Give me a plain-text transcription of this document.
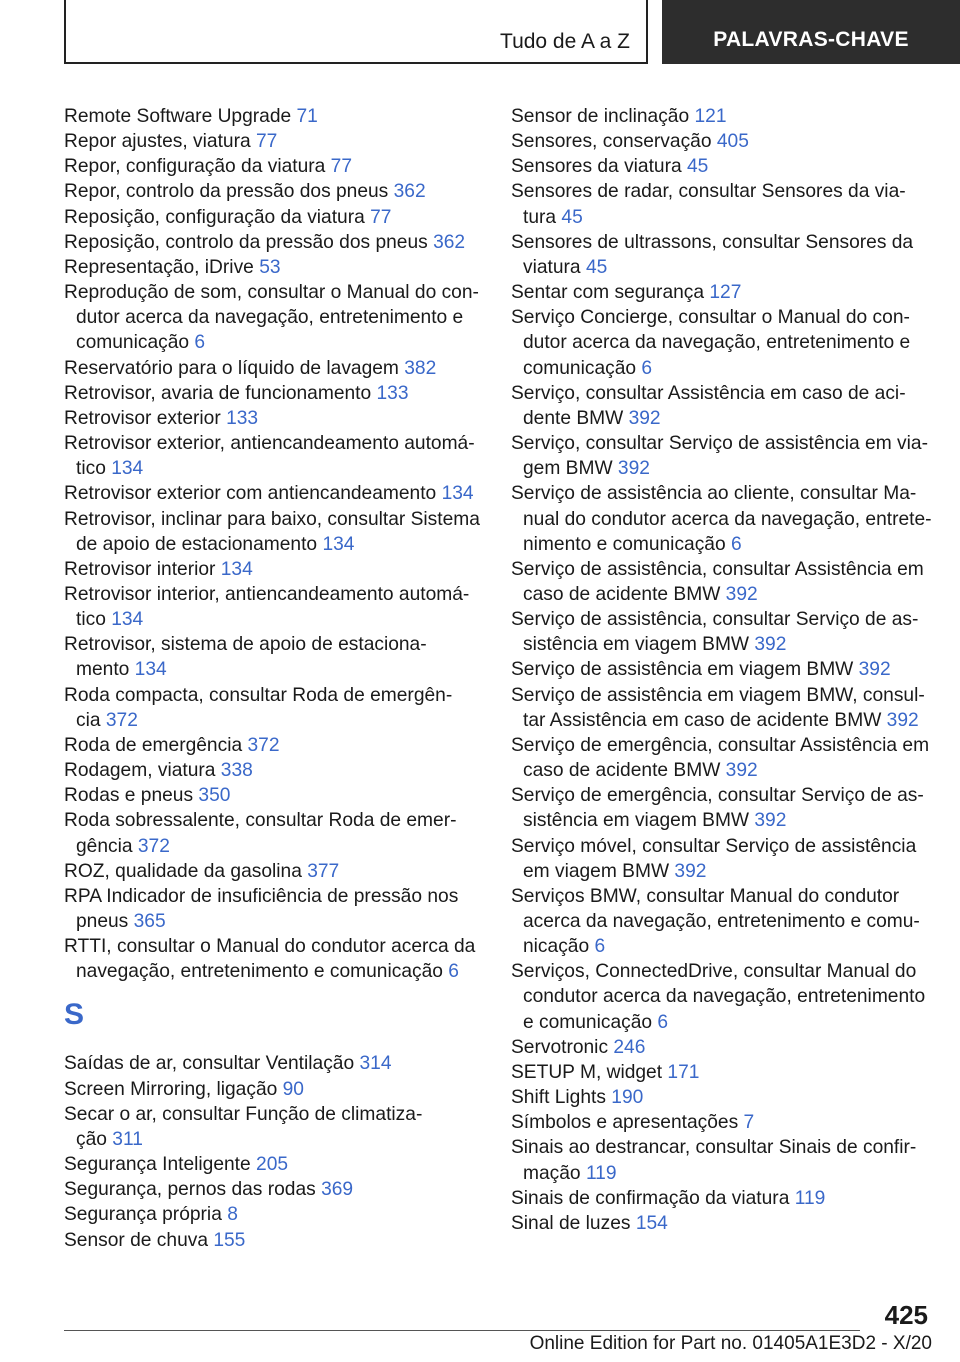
Tudo de A a Z	PALAVRAS-CHAVE
Remote Software Upgrade 71
Repor ajustes, viatura 77
Repor, configuração da viatura 77
Repor, controlo da pressão dos pneus 362
Reposição, configuração da viatura 77
Reposição, controlo da pressão dos pneus 362
Representação, iDrive 53
Reprodução de som, consultar o Manual do con-
dutor acerca da navegação, entretenimento e
comunicação 6
Reservatório para o líquido de lavagem 382
Retrovisor, avaria de funcionamento 133
Retrovisor exterior 133
Retrovisor exterior, antiencandeamento automá-
tico 134
Retrovisor exterior com antiencandeamento 134
Retrovisor, inclinar para baixo, consultar Sistema
de apoio de estacionamento 134
Retrovisor interior 134
Retrovisor interior, antiencandeamento automá-
tico 134
Retrovisor, sistema de apoio de estaciona-
mento 134
Roda compacta, consultar Roda de emergên-
cia 372
Roda de emergência 372
Rodagem, viatura 338
Rodas e pneus 350
Roda sobressalente, consultar Roda de emer-
gência 372
ROZ, qualidade da gasolina 377
RPA Indicador de insuficiência de pressão nos
pneus 365
RTTI, consultar o Manual do condutor acerca da
navegação, entretenimento e comunicação 6
S
Saídas de ar, consultar Ventilação 314
Screen Mirroring, ligação 90
Secar o ar, consultar Função de climatiza-
ção 311
Segurança Inteligente 205
Segurança, pernos das rodas 369
Segurança própria 8
Sensor de chuva 155
Sensor de inclinação 121
Sensores, conservação 405
Sensores da viatura 45
Sensores de radar, consultar Sensores da via-
tura 45
Sensores de ultrassons, consultar Sensores da
viatura 45
Sentar com segurança 127
Serviço Concierge, consultar o Manual do con-
dutor acerca da navegação, entretenimento e
comunicação 6
Serviço, consultar Assistência em caso de aci-
dente BMW 392
Serviço, consultar Serviço de assistência em via-
gem BMW 392
Serviço de assistência ao cliente, consultar Ma-
nual do condutor acerca da navegação, entrete-
nimento e comunicação 6
Serviço de assistência, consultar Assistência em
caso de acidente BMW 392
Serviço de assistência, consultar Serviço de as-
sistência em viagem BMW 392
Serviço de assistência em viagem BMW 392
Serviço de assistência em viagem BMW, consul-
tar Assistência em caso de acidente BMW 392
Serviço de emergência, consultar Assistência em
caso de acidente BMW 392
Serviço de emergência, consultar Serviço de as-
sistência em viagem BMW 392
Serviço móvel, consultar Serviço de assistência
em viagem BMW 392
Serviços BMW, consultar Manual do condutor
acerca da navegação, entretenimento e comu-
nicação 6
Serviços, ConnectedDrive, consultar Manual do
condutor acerca da navegação, entretenimento
e comunicação 6
Servotronic 246
SETUP M, widget 171
Shift Lights 190
Símbolos e apresentações 7
Sinais ao destrancar, consultar Sinais de confir-
mação 119
Sinais de confirmação da viatura 119
Sinal de luzes 154
425
Online Edition for Part no. 01405A1E3D2 - X/20
